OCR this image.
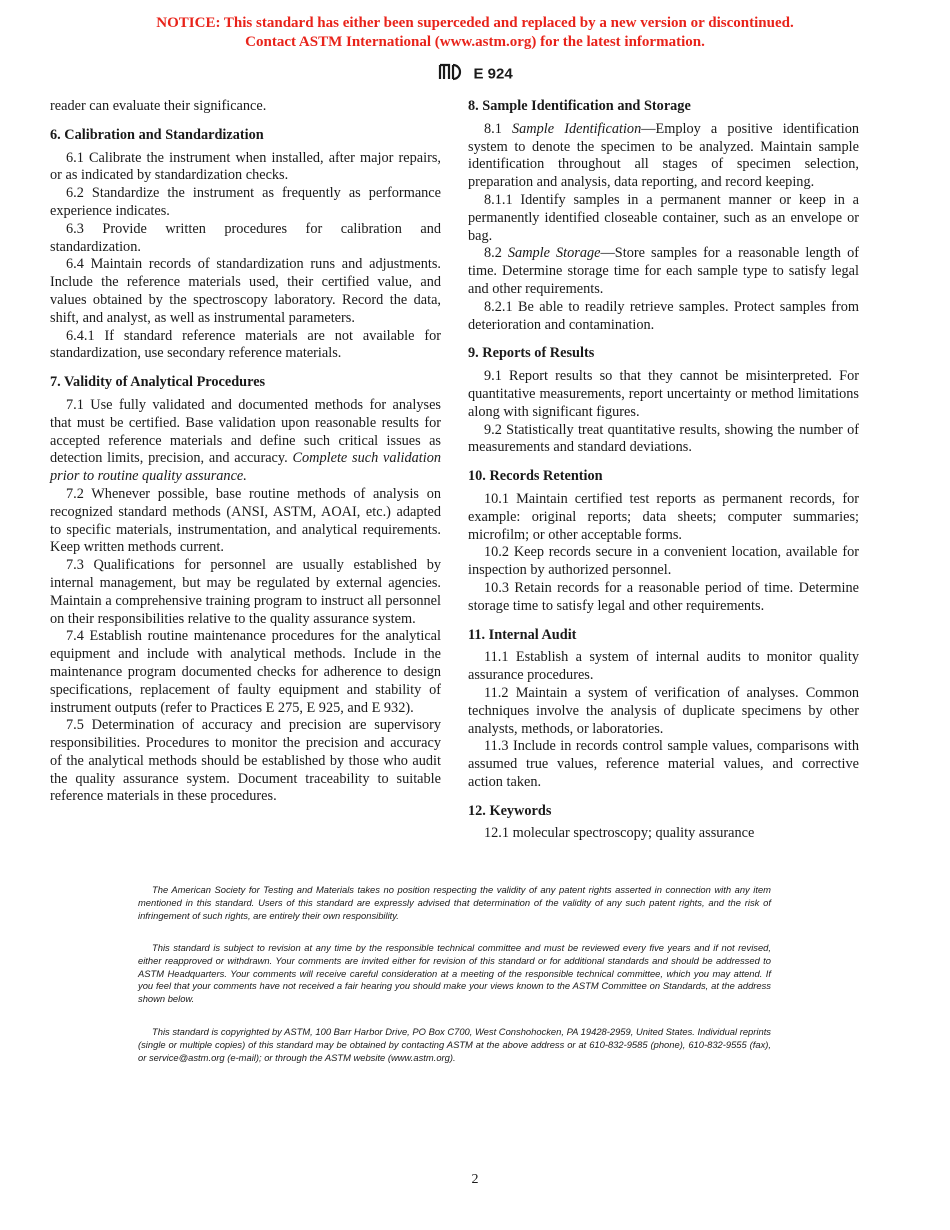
NOTICE: This standard has either been superceded and replaced by a new version or discontinued.
Contact ASTM International (www.astm.org) for the latest information.
E 924

reader can evaluate their significance.

6. Calibration and Standardization

6.1 Calibrate the instrument when installed, after major repairs, or as indicated by standardization checks.

6.2 Standardize the instrument as frequently as performance experience indicates.

6.3 Provide written procedures for calibration and standardization.

6.4 Maintain records of standardization runs and adjustments. Include the reference materials used, their certified value, and values obtained by the spectroscopy laboratory. Record the data, shift, and analyst, as well as instrumental parameters.

6.4.1 If standard reference materials are not available for standardization, use secondary reference materials.

7. Validity of Analytical Procedures

7.1 Use fully validated and documented methods for analyses that must be certified. Base validation upon reasonable results for accepted reference materials and define such critical issues as detection limits, precision, and accuracy. Complete such validation prior to routine quality assurance.

7.2 Whenever possible, base routine methods of analysis on recognized standard methods (ANSI, ASTM, AOAI, etc.) adapted to specific materials, instrumentation, and analytical requirements. Keep written methods current.

7.3 Qualifications for personnel are usually established by internal management, but may be regulated by external agencies. Maintain a comprehensive training program to instruct all personnel on their responsibilities relative to the quality assurance system.

7.4 Establish routine maintenance procedures for the analytical equipment and include with analytical methods. Include in the maintenance program documented checks for adherence to design specifications, replacement of faulty equipment and stability of instrument outputs (refer to Practices E 275, E 925, and E 932).

7.5 Determination of accuracy and precision are supervisory responsibilities. Procedures to monitor the precision and accuracy of the analytical methods should be established by those who audit the quality assurance system. Document traceability to suitable reference materials in these procedures.

8. Sample Identification and Storage

8.1 Sample Identification—Employ a positive identification system to denote the specimen to be analyzed. Maintain sample identification throughout all stages of specimen selection, preparation and analysis, data reporting, and record keeping.

8.1.1 Identify samples in a permanent manner or keep in a permanently identified closeable container, such as an envelope or bag.

8.2 Sample Storage—Store samples for a reasonable length of time. Determine storage time for each sample type to satisfy legal and other requirements.

8.2.1 Be able to readily retrieve samples. Protect samples from deterioration and contamination.

9. Reports of Results

9.1 Report results so that they cannot be misinterpreted. For quantitative measurements, report uncertainty or method limitations along with significant figures.

9.2 Statistically treat quantitative results, showing the number of measurements and standard deviations.

10. Records Retention

10.1 Maintain certified test reports as permanent records, for example: original reports; data sheets; computer summaries; microfilm; or other acceptable forms.

10.2 Keep records secure in a convenient location, available for inspection by authorized personnel.

10.3 Retain records for a reasonable period of time. Determine storage time to satisfy legal and other requirements.

11. Internal Audit

11.1 Establish a system of internal audits to monitor quality assurance procedures.

11.2 Maintain a system of verification of analyses. Common techniques involve the analysis of duplicate specimens by other analysts, methods, or laboratories.

11.3 Include in records control sample values, comparisons with assumed true values, reference material values, and corrective action taken.

12. Keywords

12.1 molecular spectroscopy; quality assurance

The American Society for Testing and Materials takes no position respecting the validity of any patent rights asserted in connection with any item mentioned in this standard. Users of this standard are expressly advised that determination of the validity of any such patent rights, and the risk of infringement of such rights, are entirely their own responsibility.

This standard is subject to revision at any time by the responsible technical committee and must be reviewed every five years and if not revised, either reapproved or withdrawn. Your comments are invited either for revision of this standard or for additional standards and should be addressed to ASTM Headquarters. Your comments will receive careful consideration at a meeting of the responsible technical committee, which you may attend. If you feel that your comments have not received a fair hearing you should make your views known to the ASTM Committee on Standards, at the address shown below.

This standard is copyrighted by ASTM, 100 Barr Harbor Drive, PO Box C700, West Conshohocken, PA 19428-2959, United States. Individual reprints (single or multiple copies) of this standard may be obtained by contacting ASTM at the above address or at 610-832-9585 (phone), 610-832-9555 (fax), or service@astm.org (e-mail); or through the ASTM website (www.astm.org).

2
